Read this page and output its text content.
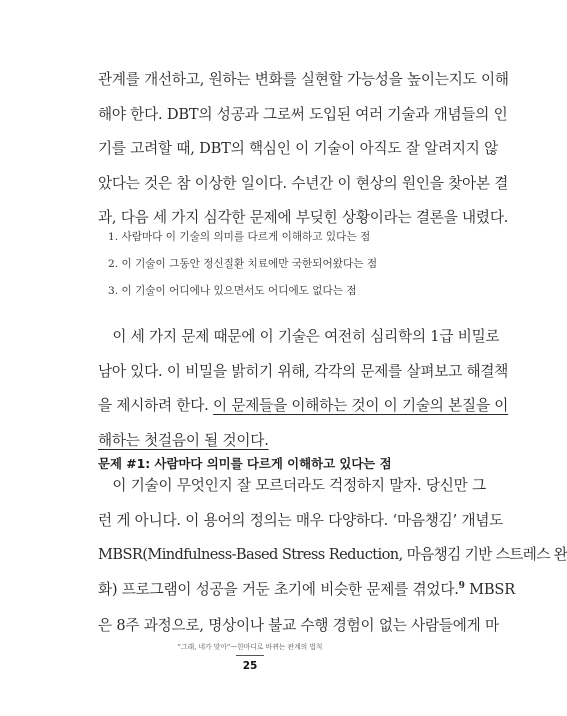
관계를 개선하고, 원하는 변화를 실현할 가능성을 높이는지도 이해
해야 한다. DBT의 성공과 그로써 도입된 여러 기술과 개념들의 인
기를 고려할 때, DBT의 핵심인 이 기술이 아직도 잘 알려지지 않
았다는 것은 참 이상한 일이다. 수년간 이 현상의 원인을 찾아본 결
과, 다음 세 가지 심각한 문제에 부딪힌 상황이라는 결론을 내렸다.

1. 사람마다 이 기술의 의미를 다르게 이해하고 있다는 점
2. 이 기술이 그동안 정신질환 치료에만 국한되어왔다는 점
3. 이 기술이 어디에나 있으면서도 어디에도 없다는 점

 이 세 가지 문제 때문에 이 기술은 여전히 심리학의 1급 비밀로
남아 있다. 이 비밀을 밝히기 위해, 각각의 문제를 살펴보고 해결책
을 제시하려 한다. 이 문제들을 이해하는 것이 이 기술의 본질을 이
해하는 첫걸음이 될 것이다.

문제 #1: 사람마다 의미를 다르게 이해하고 있다는 점

 이 기술이 무엇인지 잘 모르더라도 걱정하지 말자. 당신만 그
런 게 아니다. 이 용어의 정의는 매우 다양하다. ‘마음챙김’ 개념도
MBSR(Mindfulness-Based Stress Reduction, 마음챙김 기반 스트레스 완
화) 프로그램이 성공을 거둔 초기에 비슷한 문제를 겪었다.$^9$ MBSR
은 8주 과정으로, 명상이나 불교 수행 경험이 없는 사람들에게 마

“그래, 네가 맞아”—한마디로 바뀌는 관계의 법칙
25
